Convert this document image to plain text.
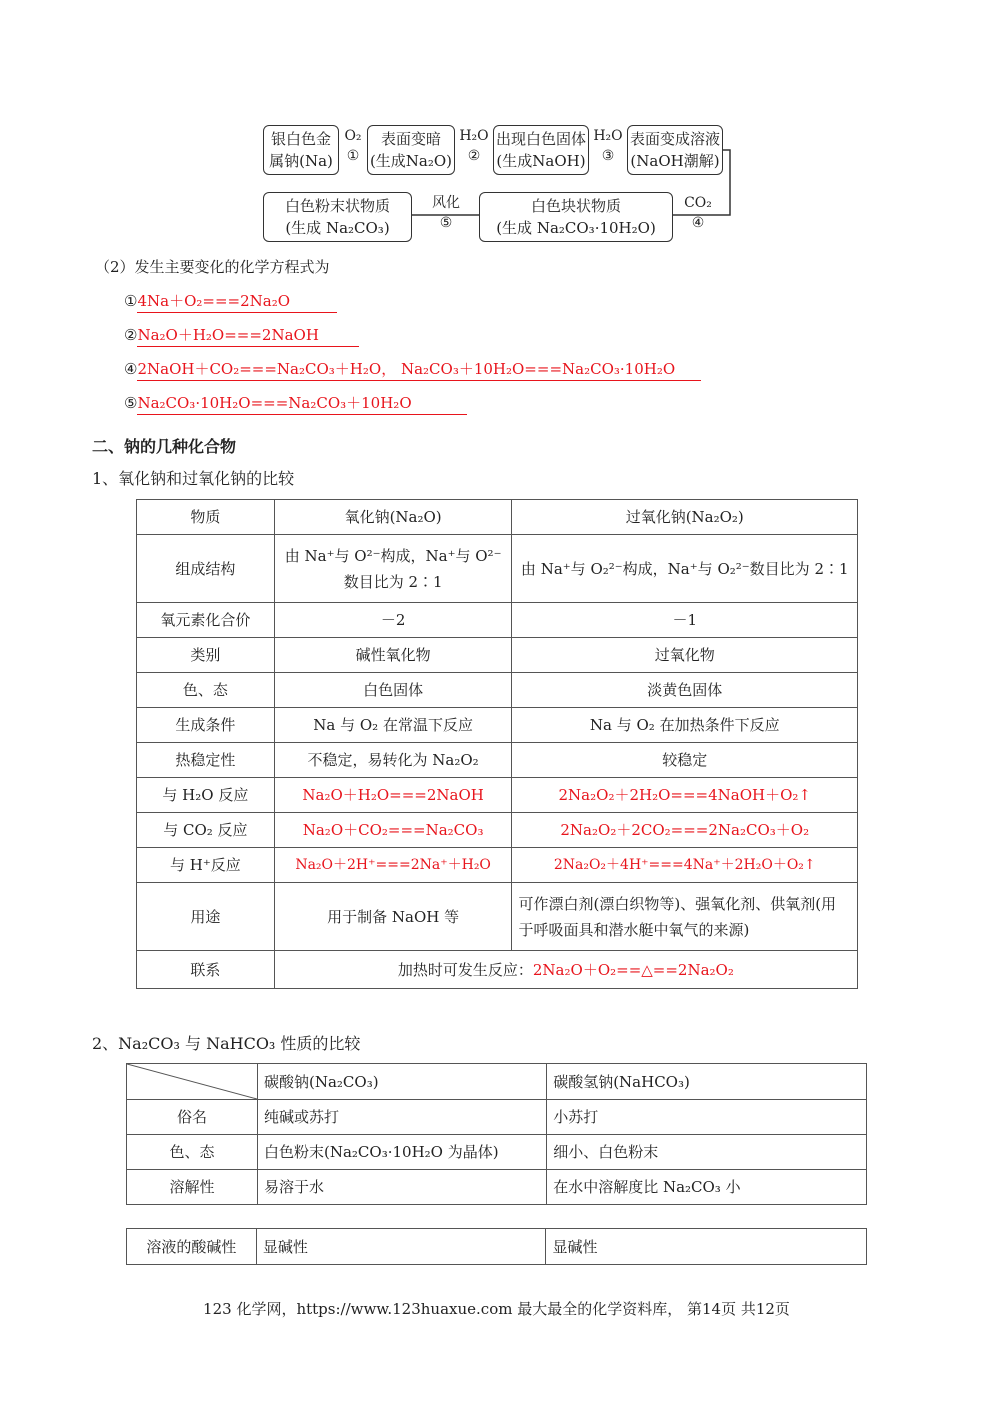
银白色金
属钠(Na)
O₂
①
表面变暗
(生成Na₂O)
H₂O
②
出现白色固体
(生成NaOH)
H₂O
③
表面变成溶液
(NaOH潮解)
CO₂
④
白色块状物质
(生成 Na₂CO₃·10H₂O)
风化
⑤
白色粉末状物质
(生成 Na₂CO₃)
（2）发生主要变化的化学方程式为
①4Na＋O₂===2Na₂O
②Na₂O＋H₂O===2NaOH
④2NaOH＋CO₂===Na₂CO₃＋H₂O， Na₂CO₃＋10H₂O===Na₂CO₃·10H₂O
⑤Na₂CO₃·10H₂O===Na₂CO₃＋10H₂O
二、钠的几种化合物
1、氧化钠和过氧化钠的比较
物质	氧化钠(Na₂O)	过氧化钠(Na₂O₂)
组成结构	由 Na⁺与 O²⁻构成，Na⁺与 O²⁻ 数目比为 2∶1	由 Na⁺与 O₂²⁻构成，Na⁺与 O₂²⁻数目比为 2∶1
氧元素化合价	－2	－1
类别	碱性氧化物	过氧化物
色、态	白色固体	淡黄色固体
生成条件	Na 与 O₂ 在常温下反应	Na 与 O₂ 在加热条件下反应
热稳定性	不稳定，易转化为 Na₂O₂	较稳定
与 H₂O 反应	Na₂O＋H₂O===2NaOH	2Na₂O₂＋2H₂O===4NaOH＋O₂↑
与 CO₂ 反应	Na₂O＋CO₂===Na₂CO₃	2Na₂O₂＋2CO₂===2Na₂CO₃＋O₂
与 H⁺反应	Na₂O＋2H⁺===2Na⁺＋H₂O	2Na₂O₂＋4H⁺===4Na⁺＋2H₂O＋O₂↑
用途	用于制备 NaOH 等	可作漂白剂(漂白织物等)、强氧化剂、供氧剂(用于呼吸面具和潜水艇中氧气的来源)
联系	加热时可发生反应：2Na₂O＋O₂==△==2Na₂O₂	
2、Na₂CO₃ 与 NaHCO₃ 性质的比较
	碳酸钠(Na₂CO₃)	碳酸氢钠(NaHCO₃)
俗名	纯碱或苏打	小苏打
色、态	白色粉末(Na₂CO₃·10H₂O 为晶体)	细小、白色粉末
溶解性	易溶于水	在水中溶解度比 Na₂CO₃ 小
溶液的酸碱性	显碱性	显碱性
123 化学网，https://www.123huaxue.com 最大最全的化学资料库， 第14页 共12页
